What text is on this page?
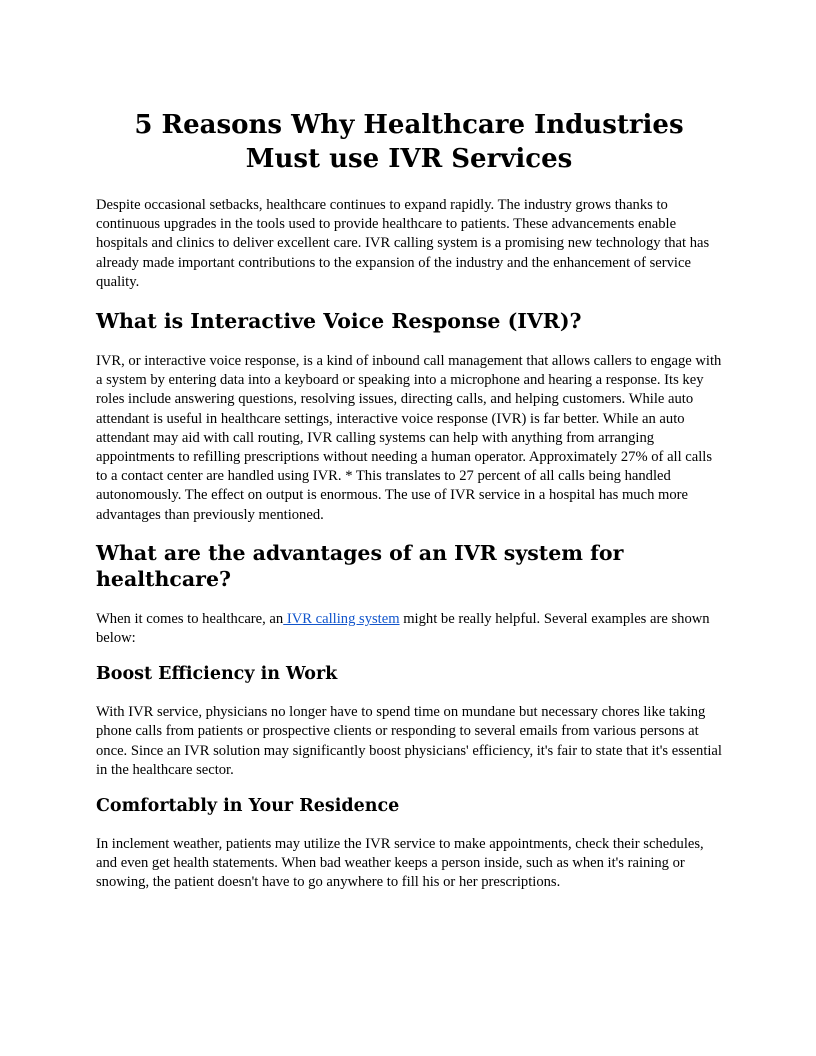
5 Reasons Why Healthcare Industries Must use IVR Services

Despite occasional setbacks, healthcare continues to expand rapidly. The industry grows thanks to continuous upgrades in the tools used to provide healthcare to patients. These advancements enable hospitals and clinics to deliver excellent care. IVR calling system is a promising new technology that has already made important contributions to the expansion of the industry and the enhancement of service quality.

What is Interactive Voice Response (IVR)?

IVR, or interactive voice response, is a kind of inbound call management that allows callers to engage with a system by entering data into a keyboard or speaking into a microphone and hearing a response. Its key roles include answering questions, resolving issues, directing calls, and helping customers. While auto attendant is useful in healthcare settings, interactive voice response (IVR) is far better. While an auto attendant may aid with call routing, IVR calling systems can help with anything from arranging appointments to refilling prescriptions without needing a human operator. Approximately 27% of all calls to a contact center are handled using IVR. * This translates to 27 percent of all calls being handled autonomously. The effect on output is enormous. The use of IVR service in a hospital has much more advantages than previously mentioned.

What are the advantages of an IVR system for healthcare?

When it comes to healthcare, an IVR calling system might be really helpful. Several examples are shown below:

Boost Efficiency in Work

With IVR service, physicians no longer have to spend time on mundane but necessary chores like taking phone calls from patients or prospective clients or responding to several emails from various persons at once. Since an IVR solution may significantly boost physicians' efficiency, it's fair to state that it's essential in the healthcare sector.

Comfortably in Your Residence

In inclement weather, patients may utilize the IVR service to make appointments, check their schedules, and even get health statements. When bad weather keeps a person inside, such as when it's raining or snowing, the patient doesn't have to go anywhere to fill his or her prescriptions.
